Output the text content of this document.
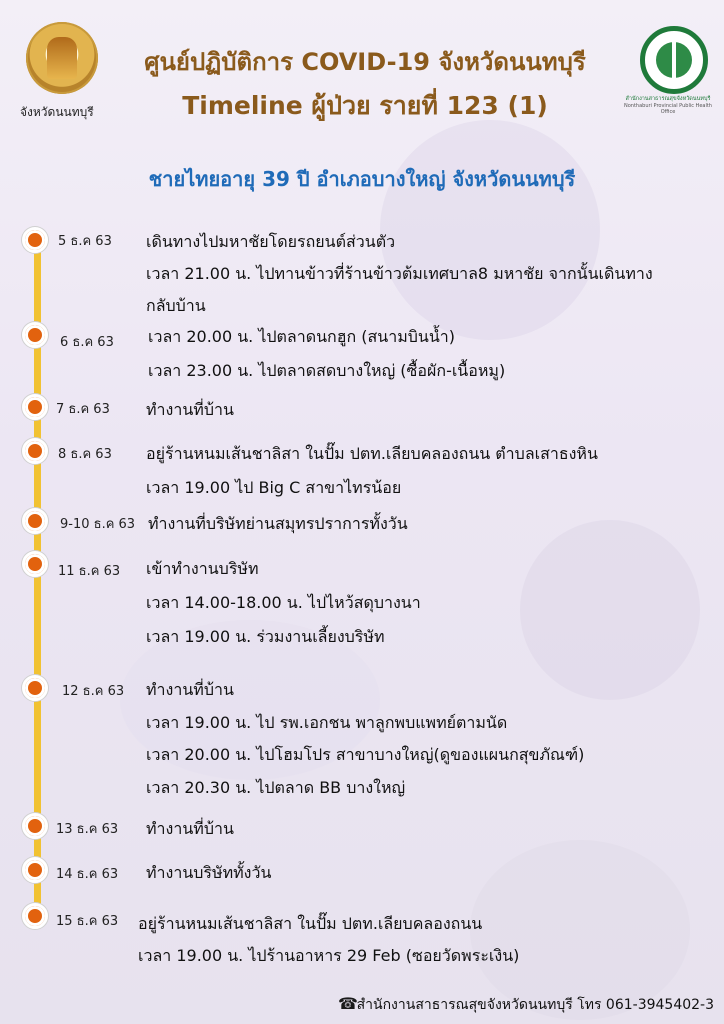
จังหวัดนนทบุรี
ศูนย์ปฏิบัติการ COVID-19 จังหวัดนนทบุรี
Timeline ผู้ป่วย รายที่ 123 (1)	สำนักงานสาธารณสุขจังหวัดนนทบุรี
Nonthaburi Provincial Public Health Office
ชายไทยอายุ 39 ปี อำเภอบางใหญ่ จังหวัดนนทบุรี
5 ธ.ค 63 เดินทางไปมหาชัยโดยรถยนต์ส่วนตัว
เวลา 21.00 น. ไปทานข้าวที่ร้านข้าวต้มเทศบาล8 มหาชัย จากนั้นเดินทาง
กลับบ้าน
6 ธ.ค 63 เวลา 20.00 น. ไปตลาดนกฮูก (สนามบินน้ำ)
เวลา 23.00 น. ไปตลาดสดบางใหญ่ (ซื้อผัก-เนื้อหมู)
7 ธ.ค 63 ทำงานที่บ้าน
8 ธ.ค 63 อยู่ร้านหนมเส้นชาลิสา ในปั๊ม ปตท.เลียบคลองถนน ตำบลเสาธงหิน
เวลา 19.00 ไป Big C สาขาไทรน้อย
9-10 ธ.ค 63 ทำงานที่บริษัทย่านสมุทรปราการทั้งวัน
11 ธ.ค 63 เข้าทำงานบริษัท
เวลา 14.00-18.00 น. ไปไหว้สดุบางนา
เวลา 19.00 น. ร่วมงานเลี้ยงบริษัท
12 ธ.ค 63 ทำงานที่บ้าน
เวลา 19.00 น. ไป รพ.เอกชน พาลูกพบแพทย์ตามนัด
เวลา 20.00 น. ไปโฮมโปร สาขาบางใหญ่(ดูของแผนกสุขภัณฑ์)
เวลา 20.30 น. ไปตลาด BB บางใหญ่
13 ธ.ค 63 ทำงานที่บ้าน
14 ธ.ค 63 ทำงานบริษัททั้งวัน
15 ธ.ค 63 อยู่ร้านหนมเส้นชาลิสา ในปั๊ม ปตท.เลียบคลองถนน
เวลา 19.00 น. ไปร้านอาหาร 29 Feb (ซอยวัดพระเงิน)
☎
สำนักงานสาธารณสุขจังหวัดนนทบุรี โทร 061-3945402-3
